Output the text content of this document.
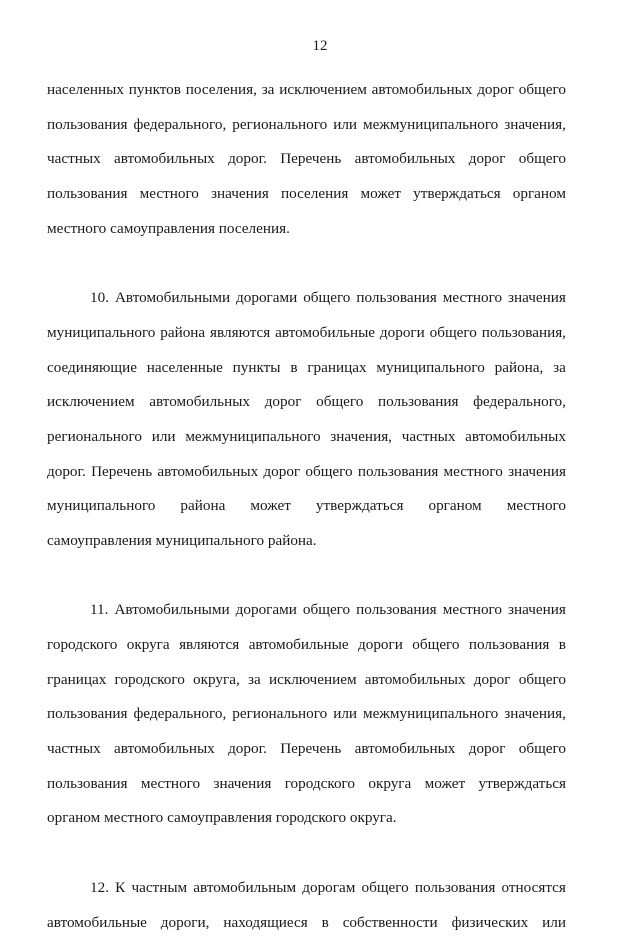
12
населенных пунктов поселения, за исключением автомобильных дорог общего
пользования федерального, регионального или межмуниципального значения,
частных автомобильных дорог. Перечень автомобильных дорог общего
пользования местного значения поселения может утверждаться органом
местного самоуправления поселения.
10. Автомобильными дорогами общего пользования местного значения
муниципального района являются автомобильные дороги общего пользования,
соединяющие населенные пункты в границах муниципального района, за
исключением автомобильных дорог общего пользования федерального,
регионального или межмуниципального значения, частных автомобильных
дорог. Перечень автомобильных дорог общего пользования местного значения
муниципального района может утверждаться органом местного
самоуправления муниципального района.
11. Автомобильными дорогами общего пользования местного значения
городского округа являются автомобильные дороги общего пользования в
границах городского округа, за исключением автомобильных дорог общего
пользования федерального, регионального или межмуниципального значения,
частных автомобильных дорог. Перечень автомобильных дорог общего
пользования местного значения городского округа может утверждаться
органом местного самоуправления городского округа.
12. К частным автомобильным дорогам общего пользования относятся
автомобильные дороги, находящиеся в собственности физических или
